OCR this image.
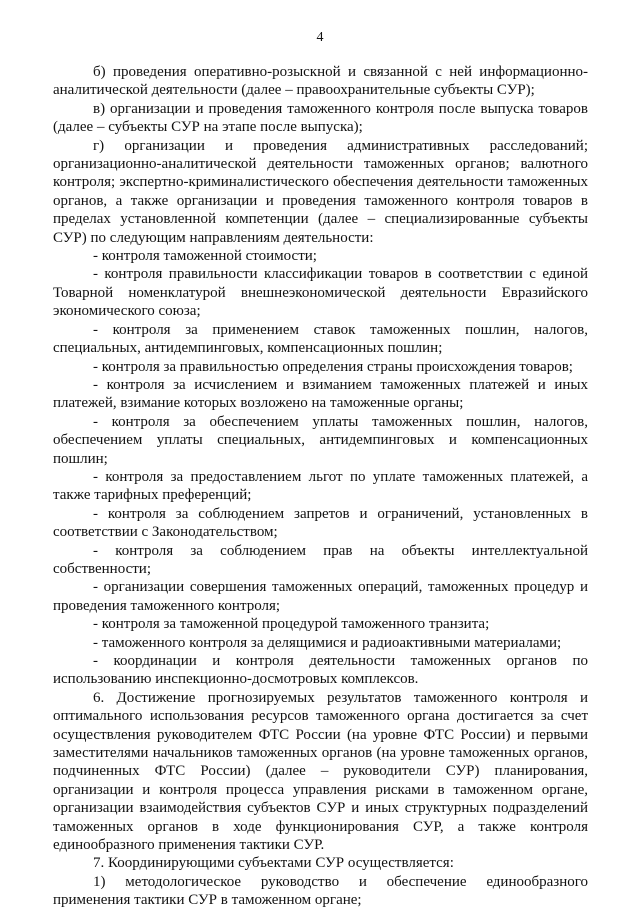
4

б) проведения оперативно-розыскной и связанной с ней информационно-аналитической деятельности (далее – правоохранительные субъекты СУР);

в) организации и проведения таможенного контроля после выпуска товаров (далее – субъекты СУР на этапе после выпуска);

г) организации и проведения административных расследований; организационно-аналитической деятельности таможенных органов; валютного контроля; экспертно-криминалистического обеспечения деятельности таможенных органов, а также организации и проведения таможенного контроля товаров в пределах установленной компетенции (далее – специализированные субъекты СУР) по следующим направлениям деятельности:

- контроля таможенной стоимости;

- контроля правильности классификации товаров в соответствии с единой Товарной номенклатурой внешнеэкономической деятельности Евразийского экономического союза;

- контроля за применением ставок таможенных пошлин, налогов, специальных, антидемпинговых, компенсационных пошлин;

- контроля за правильностью определения страны происхождения товаров;

- контроля за исчислением и взиманием таможенных платежей и иных платежей, взимание которых возложено на таможенные органы;

- контроля за обеспечением уплаты таможенных пошлин, налогов, обеспечением уплаты специальных, антидемпинговых и компенсационных пошлин;

- контроля за предоставлением льгот по уплате таможенных платежей, а также тарифных преференций;

- контроля за соблюдением запретов и ограничений, установленных в соответствии с Законодательством;

- контроля за соблюдением прав на объекты интеллектуальной собственности;

- организации совершения таможенных операций, таможенных процедур и проведения таможенного контроля;

- контроля за таможенной процедурой таможенного транзита;

- таможенного контроля за делящимися и радиоактивными материалами;

- координации и контроля деятельности таможенных органов по использованию инспекционно-досмотровых комплексов.

6. Достижение прогнозируемых результатов таможенного контроля и оптимального использования ресурсов таможенного органа достигается за счет осуществления руководителем ФТС России (на уровне ФТС России) и первыми заместителями начальников таможенных органов (на уровне таможенных органов, подчиненных ФТС России) (далее – руководители СУР) планирования, организации и контроля процесса управления рисками в таможенном органе, организации взаимодействия субъектов СУР и иных структурных подразделений таможенных органов в ходе функционирования СУР, а также контроля единообразного применения тактики СУР.

7. Координирующими субъектами СУР осуществляется:

1) методологическое руководство и обеспечение единообразного применения тактики СУР в таможенном органе;
